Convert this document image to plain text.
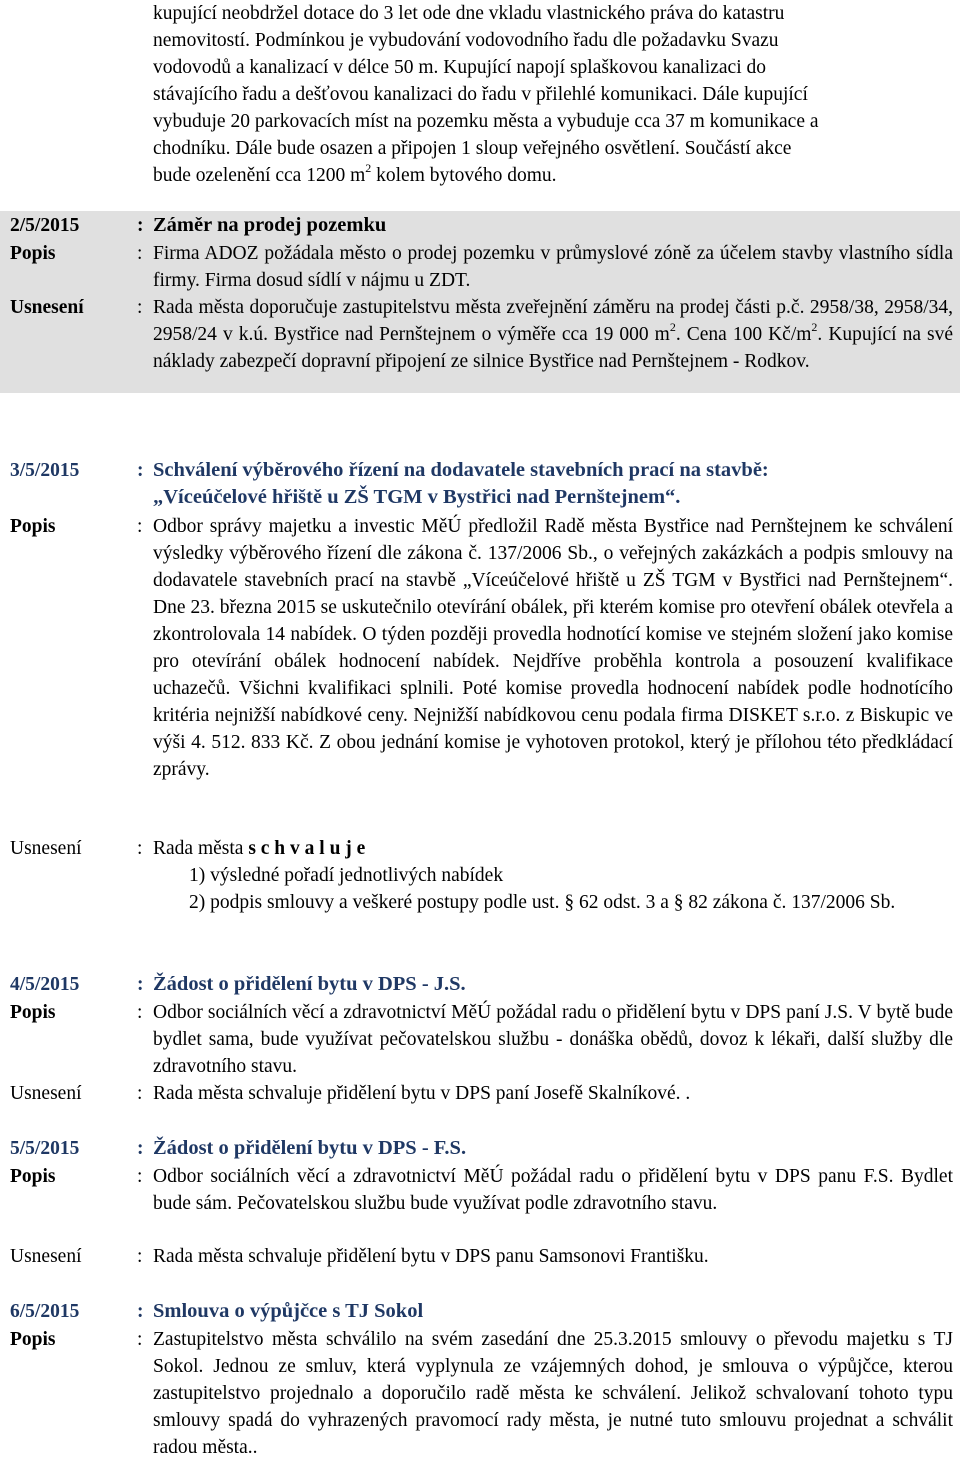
kupující neobdržel dotace do 3 let ode dne vkladu vlastnického práva do katastru
nemovitostí. Podmínkou je vybudování vodovodního řadu dle požadavku Svazu
vodovodů a kanalizací v délce 50 m. Kupující napojí splaškovou kanalizaci do
stávajícího řadu a dešťovou kanalizaci do řadu v přilehlé komunikaci. Dále kupující
vybuduje 20 parkovacích míst na pozemku města a vybuduje cca 37 m komunikace a
chodníku. Dále bude osazen a připojen 1 sloup veřejného osvětlení. Součástí akce
bude ozelenění cca 1200 $m^2$ kolem bytového domu.
2/5/2015	: Záměr na prodej pozemku
Popis	: Firma ADOZ požádala město o prodej pozemku v průmyslové zóně za účelem stavby vlastního sídla firmy. Firma dosud sídlí v nájmu u ZDT.
Usnesení	: Rada města doporučuje zastupitelstvu města zveřejnění záměru na prodej části p.č. 2958/38, 2958/34, 2958/24 v k.ú. Bystřice nad Pernštejnem o výměře cca 19 000 $m^2$. Cena 100 $Kč/m^2$. Kupující na své náklady zabezpečí dopravní připojení ze silnice Bystřice nad Pernštejnem - Rodkov.
3/5/2015	: Schválení výběrového řízení na dodavatele stavebních prací na stavbě:
„Víceúčelové hřiště u ZŠ TGM v Bystřici nad Pernštejnem“.
Popis	: Odbor správy majetku a investic MěÚ předložil Radě města Bystřice nad Pernštejnem ke schválení výsledky výběrového řízení dle zákona č. 137/2006 Sb., o veřejných zakázkách a podpis smlouvy na dodavatele stavebních prací na stavbě „Víceúčelové hřiště u ZŠ TGM v Bystřici nad Pernštejnem“. Dne 23. března 2015 se uskutečnilo otevírání obálek, při kterém komise pro otevření obálek otevřela a zkontrolovala 14 nabídek. O týden později provedla hodnotící komise ve stejném složení jako komise pro otevírání obálek hodnocení nabídek. Nejdříve proběhla kontrola a posouzení kvalifikace uchazečů. Všichni kvalifikaci splnili. Poté komise provedla hodnocení nabídek podle hodnotícího kritéria nejnižší nabídkové ceny. Nejnižší nabídkovou cenu podala firma DISKET s.r.o. z Biskupic ve výši 4. 512. 833 Kč. Z obou jednání komise je vyhotoven protokol, který je přílohou této předkládací zprávy.
Usnesení	: Rada města s c h v a l u j e
1) výsledné pořadí jednotlivých nabídek
2) podpis smlouvy a veškeré postupy podle ust. § 62 odst. 3 a § 82 zákona č. 137/2006 Sb.
4/5/2015	: Žádost o přidělení bytu v DPS - J.S.
Popis	: Odbor sociálních věcí a zdravotnictví MěÚ požádal radu o přidělení bytu v DPS paní J.S. V bytě bude bydlet sama, bude využívat pečovatelskou službu - donáška obědů, dovoz k lékaři, další služby dle zdravotního stavu.
Usnesení	: Rada města schvaluje přidělení bytu v DPS paní Josefě Skalníkové. .
5/5/2015	: Žádost o přidělení bytu v DPS - F.S.
Popis	: Odbor sociálních věcí a zdravotnictví MěÚ požádal radu o přidělení bytu v DPS panu F.S. Bydlet bude sám. Pečovatelskou službu bude využívat podle zdravotního stavu.
Usnesení	: Rada města schvaluje přidělení bytu v DPS panu Samsonovi Františku.
6/5/2015	: Smlouva o výpůjčce s TJ Sokol
Popis	: Zastupitelstvo města schválilo na svém zasedání dne 25.3.2015 smlouvy o převodu majetku s TJ Sokol. Jednou ze smluv, která vyplynula ze vzájemných dohod, je smlouva o výpůjčce, kterou zastupitelstvo projednalo a doporučilo radě města ke schválení. Jelikož schvalovaní tohoto typu smlouvy spadá do vyhrazených pravomocí rady města, je nutné tuto smlouvu projednat a schválit radou města..
